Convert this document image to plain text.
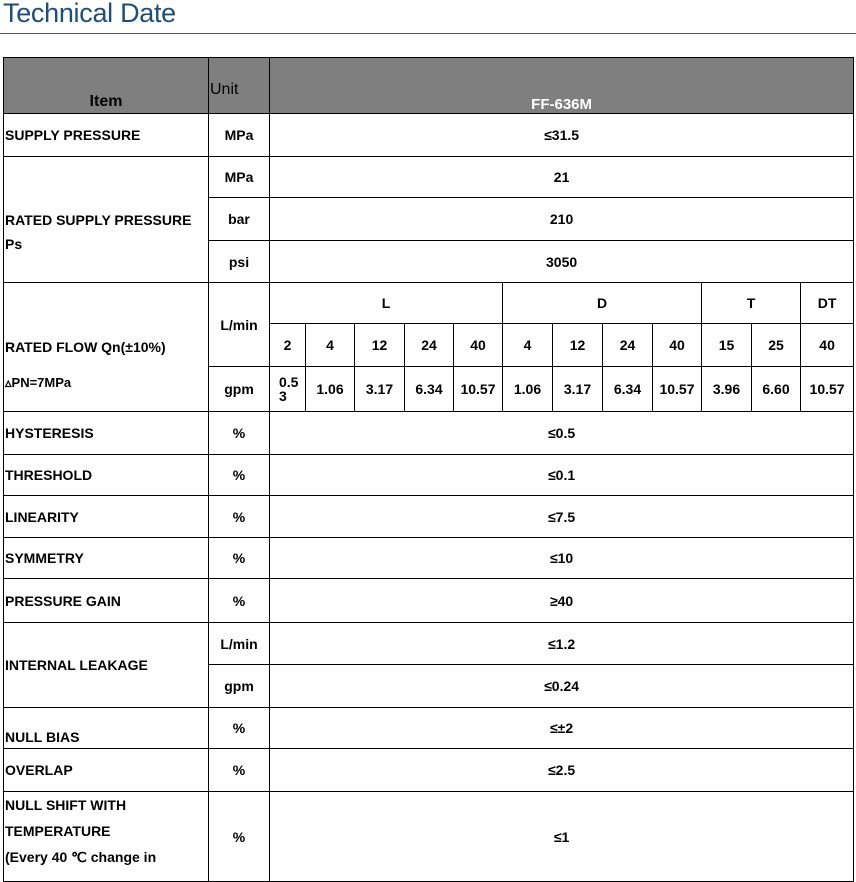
Technical Date
Item	Unit	FF-636M											
SUPPLY PRESSURE	MPa	≤31.5											

RATED SUPPLY PRESSURE
Ps	MPa	21											
	bar	210											
	psi	3050											

RATED FLOW Qn(±10%)
▵PN=7MPa	L/min	L					D				T		DT
		2	4	12	24	40	4	12	24	40	15	25	40
	gpm	0.53	1.06	3.17	6.34	10.57	1.06	3.17	6.34	10.57	3.96	6.60	10.57
HYSTERESIS	%	≤0.5											
THRESHOLD	%	≤0.1											
LINEARITY	%	≤7.5											
SYMMETRY	%	≤10											
PRESSURE GAIN	%	≥40											
INTERNAL LEAKAGE	L/min	≤1.2											
	gpm	≤0.24											
NULL BIAS	%	≤±2											
OVERLAP	%	≤2.5											

NULL SHIFT WITH
TEMPERATURE
(Every 40 ℃ change in	%	≤1											
